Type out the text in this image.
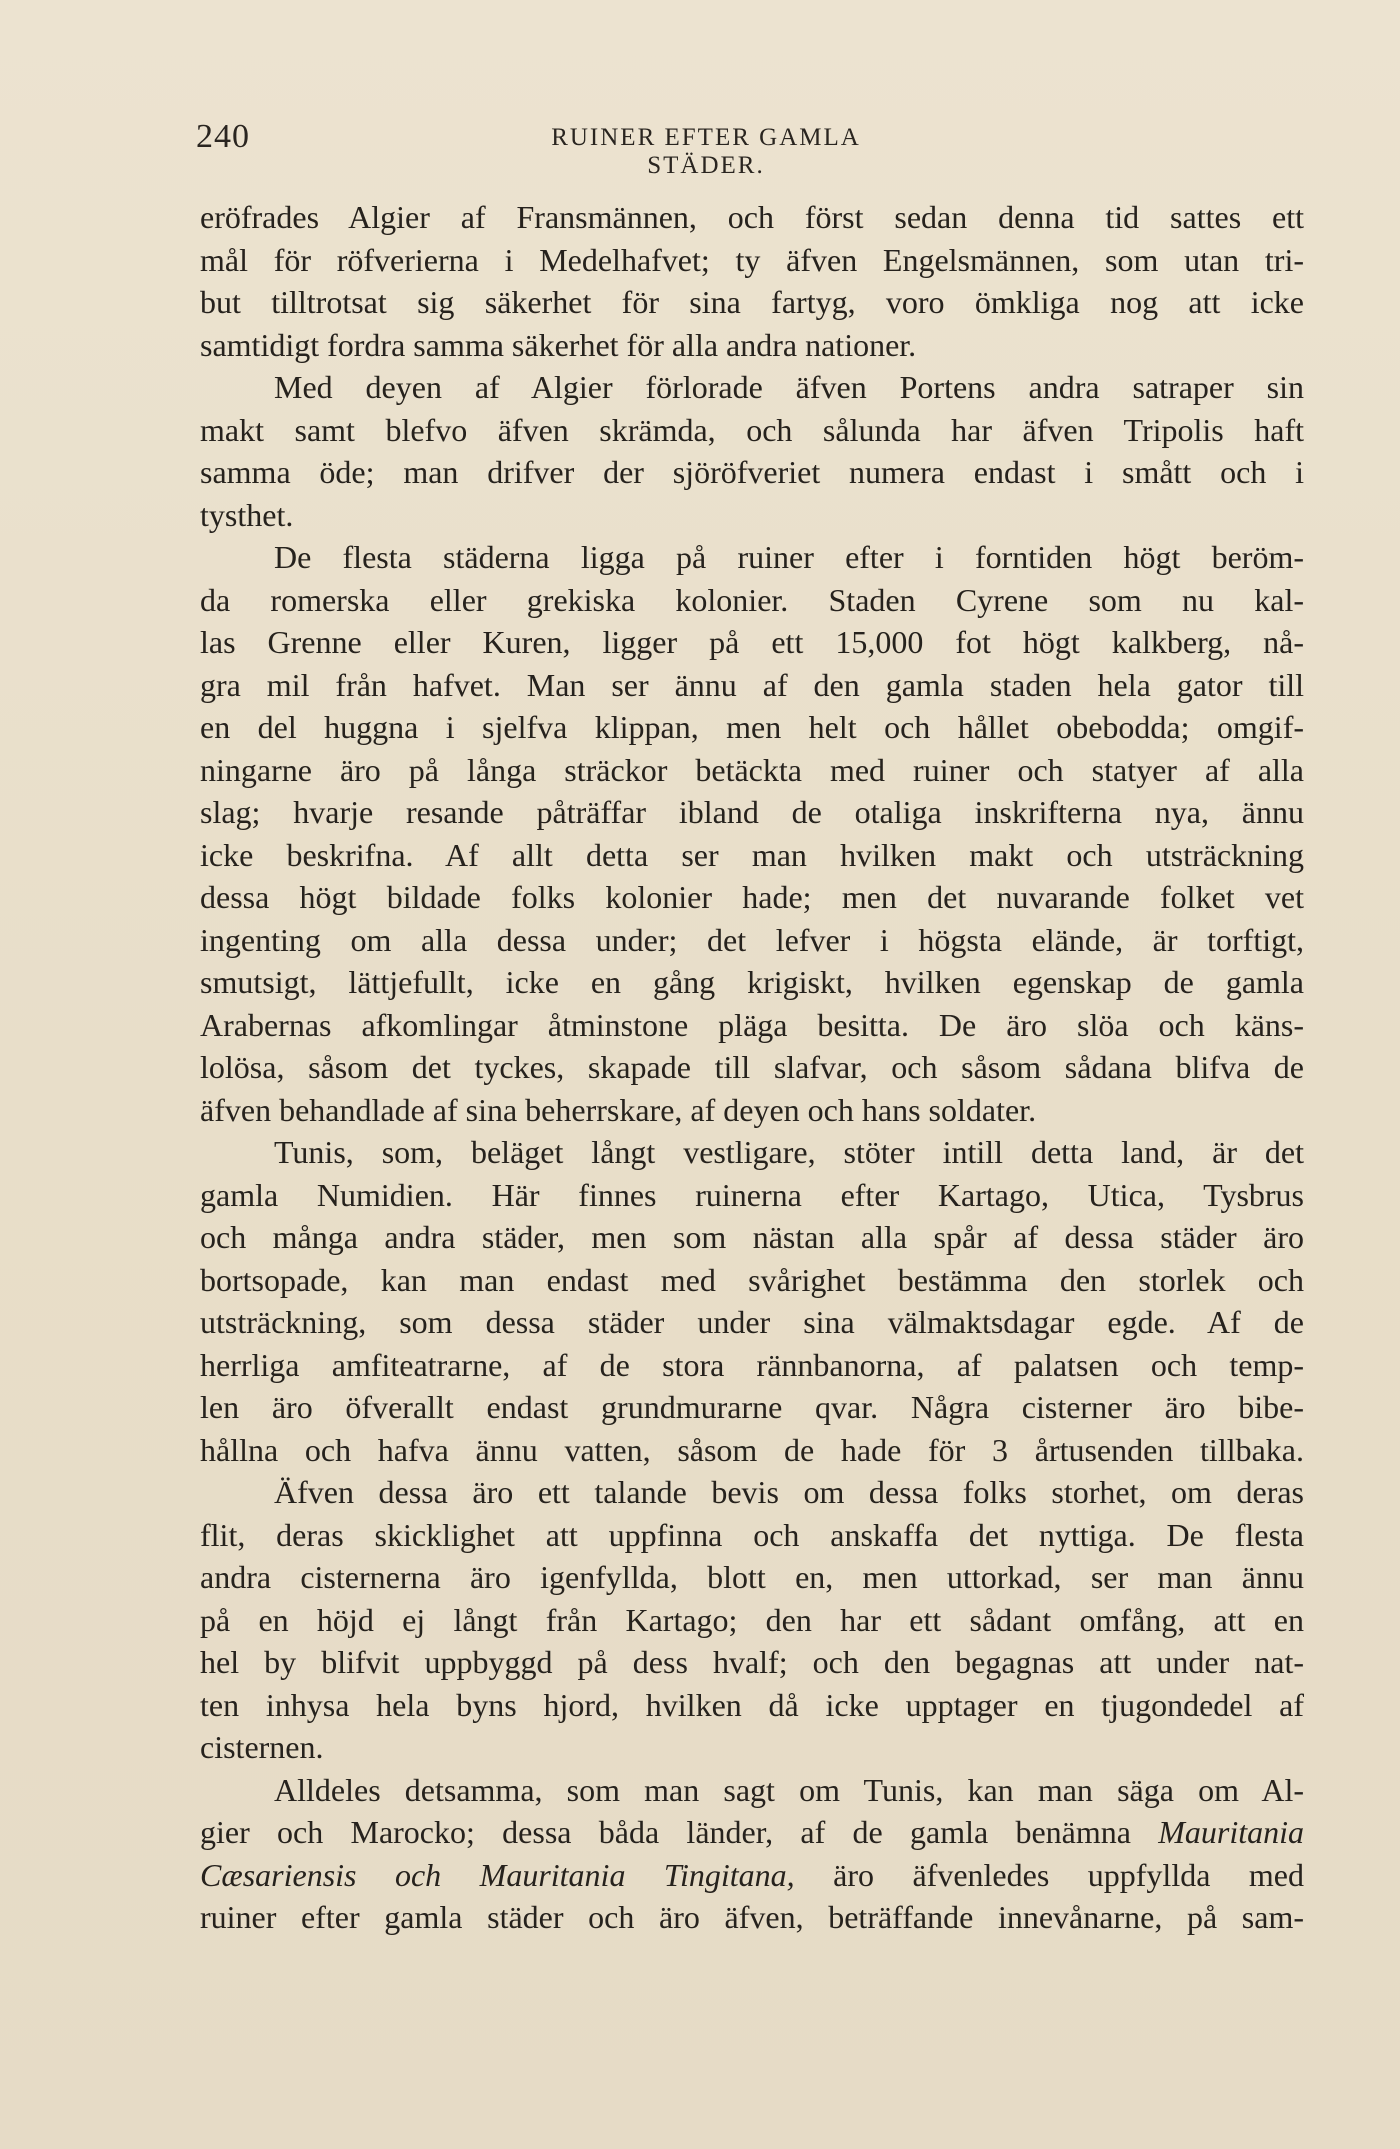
240	RUINER EFTER GAMLA STÄDER.
eröfrades Algier af Fransmännen, och först sedan denna tid sattes ett
mål för röfverierna i Medelhafvet; ty äfven Engelsmännen, som utan tri-
but tilltrotsat sig säkerhet för sina fartyg, voro ömkliga nog att icke
samtidigt fordra samma säkerhet för alla andra nationer.
Med deyen af Algier förlorade äfven Portens andra satraper sin
makt samt blefvo äfven skrämda, och sålunda har äfven Tripolis haft
samma öde; man drifver der sjöröfveriet numera endast i smått och i
tysthet.
De flesta städerna ligga på ruiner efter i forntiden högt beröm-
da romerska eller grekiska kolonier. Staden Cyrene som nu kal-
las Grenne eller Kuren, ligger på ett 15,000 fot högt kalkberg, nå-
gra mil från hafvet. Man ser ännu af den gamla staden hela gator till
en del huggna i sjelfva klippan, men helt och hållet obebodda; omgif-
ningarne äro på långa sträckor betäckta med ruiner och statyer af alla
slag; hvarje resande påträffar ibland de otaliga inskrifterna nya, ännu
icke beskrifna. Af allt detta ser man hvilken makt och utsträckning
dessa högt bildade folks kolonier hade; men det nuvarande folket vet
ingenting om alla dessa under; det lefver i högsta elände, är torftigt,
smutsigt, lättjefullt, icke en gång krigiskt, hvilken egenskap de gamla
Arabernas afkomlingar åtminstone pläga besitta. De äro slöa och käns-
lolösa, såsom det tyckes, skapade till slafvar, och såsom sådana blifva de
äfven behandlade af sina beherrskare, af deyen och hans soldater.
Tunis, som, beläget långt vestligare, stöter intill detta land, är det
gamla Numidien. Här finnes ruinerna efter Kartago, Utica, Tysbrus
och många andra städer, men som nästan alla spår af dessa städer äro
bortsopade, kan man endast med svårighet bestämma den storlek och
utsträckning, som dessa städer under sina välmaktsdagar egde. Af de
herrliga amfiteatrarne, af de stora rännbanorna, af palatsen och temp-
len äro öfverallt endast grundmurarne qvar. Några cisterner äro bibe-
hållna och hafva ännu vatten, såsom de hade för 3 årtusenden tillbaka.
Äfven dessa äro ett talande bevis om dessa folks storhet, om deras
flit, deras skicklighet att uppfinna och anskaffa det nyttiga. De flesta
andra cisternerna äro igenfyllda, blott en, men uttorkad, ser man ännu
på en höjd ej långt från Kartago; den har ett sådant omfång, att en
hel by blifvit uppbyggd på dess hvalf; och den begagnas att under nat-
ten inhysa hela byns hjord, hvilken då icke upptager en tjugondedel af
cisternen.
Alldeles detsamma, som man sagt om Tunis, kan man säga om Al-
gier och Marocko; dessa båda länder, af de gamla benämna Mauritania
Cæsariensis och Mauritania Tingitana, äro äfvenledes uppfyllda med
ruiner efter gamla städer och äro äfven, beträffande innevånarne, på sam-
